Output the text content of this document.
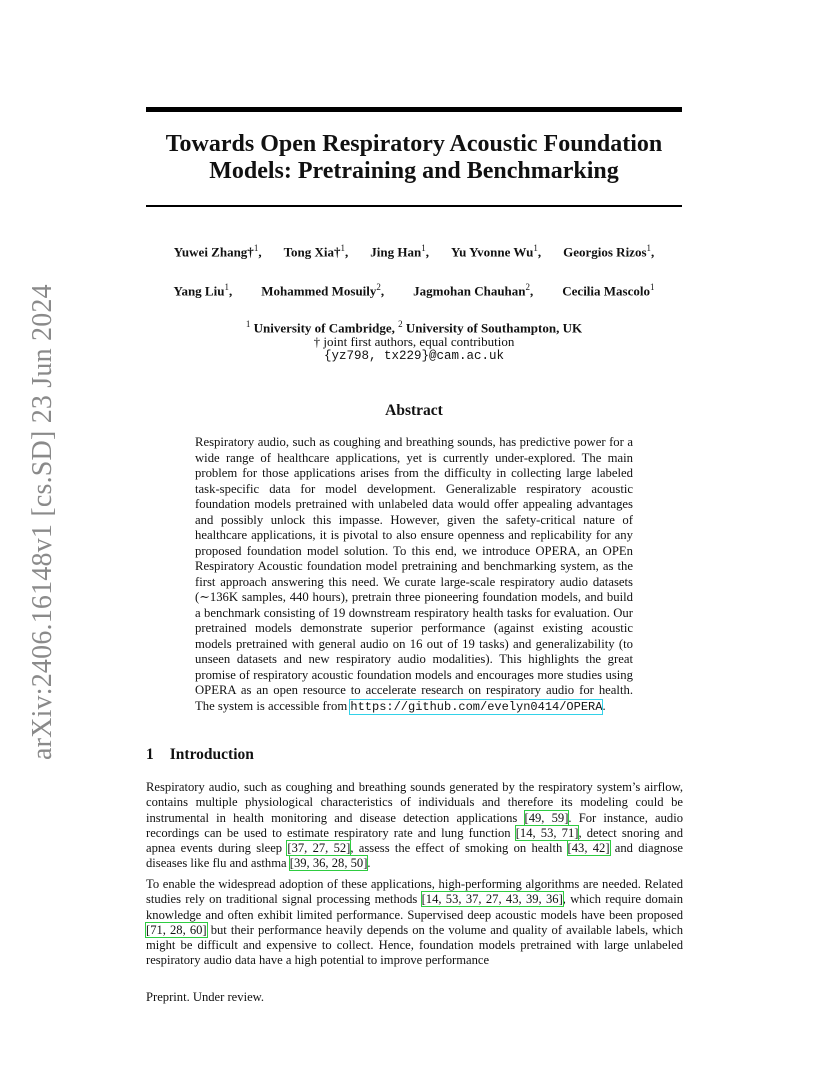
arXiv:2406.16148v1 [cs.SD] 23 Jun 2024
Towards Open Respiratory Acoustic Foundation
Models: Pretraining and Benchmarking
Yuwei Zhang†$^1$, Tong Xia†$^1$, Jing Han$^1$, Yu Yvonne Wu$^1$, Georgios Rizos$^1$,
Yang Liu$^1$, Mohammed Mosuily$^2$, Jagmohan Chauhan$^2$, Cecilia Mascolo$^1$
$^1$ University of Cambridge, $^2$ University of Southampton, UK
† joint first authors, equal contribution
{yz798, tx229}@cam.ac.uk
Abstract

Respiratory audio, such as coughing and breathing sounds, has predictive power for a wide range of healthcare applications, yet is currently under-explored. The main problem for those applications arises from the difficulty in collecting large labeled task-specific data for model development. Generalizable respiratory acoustic foundation models pretrained with unlabeled data would offer appealing advantages and possibly unlock this impasse. However, given the safety-critical nature of healthcare applications, it is pivotal to also ensure openness and replicability for any proposed foundation model solution. To this end, we introduce OPERA, an OPEn Respiratory Acoustic foundation model pretraining and benchmarking system, as the first approach answering this need. We curate large-scale respiratory audio datasets (∼136K samples, 440 hours), pretrain three pioneering foundation models, and build a benchmark consisting of 19 downstream respiratory health tasks for evaluation. Our pretrained models demonstrate superior performance (against existing acoustic models pretrained with general audio on 16 out of 19 tasks) and generalizability (to unseen datasets and new respiratory audio modalities). This highlights the great promise of respiratory acoustic foundation models and encourages more studies using OPERA as an open resource to accelerate research on respiratory audio for health. The system is accessible from https://github.com/evelyn0414/OPERA.

1 Introduction

Respiratory audio, such as coughing and breathing sounds generated by the respiratory system’s airflow, contains multiple physiological characteristics of individuals and therefore its modeling could be instrumental in health monitoring and disease detection applications [49, 59]. For instance, audio recordings can be used to estimate respiratory rate and lung function [14, 53, 71], detect snoring and apnea events during sleep [37, 27, 52], assess the effect of smoking on health [43, 42] and diagnose diseases like flu and asthma [39, 36, 28, 50].

To enable the widespread adoption of these applications, high-performing algorithms are needed. Related studies rely on traditional signal processing methods [14, 53, 37, 27, 43, 39, 36], which require domain knowledge and often exhibit limited performance. Supervised deep acoustic models have been proposed [71, 28, 60] but their performance heavily depends on the volume and quality of available labels, which might be difficult and expensive to collect. Hence, foundation models pretrained with large unlabeled respiratory audio data have a high potential to improve performance

Preprint. Under review.
